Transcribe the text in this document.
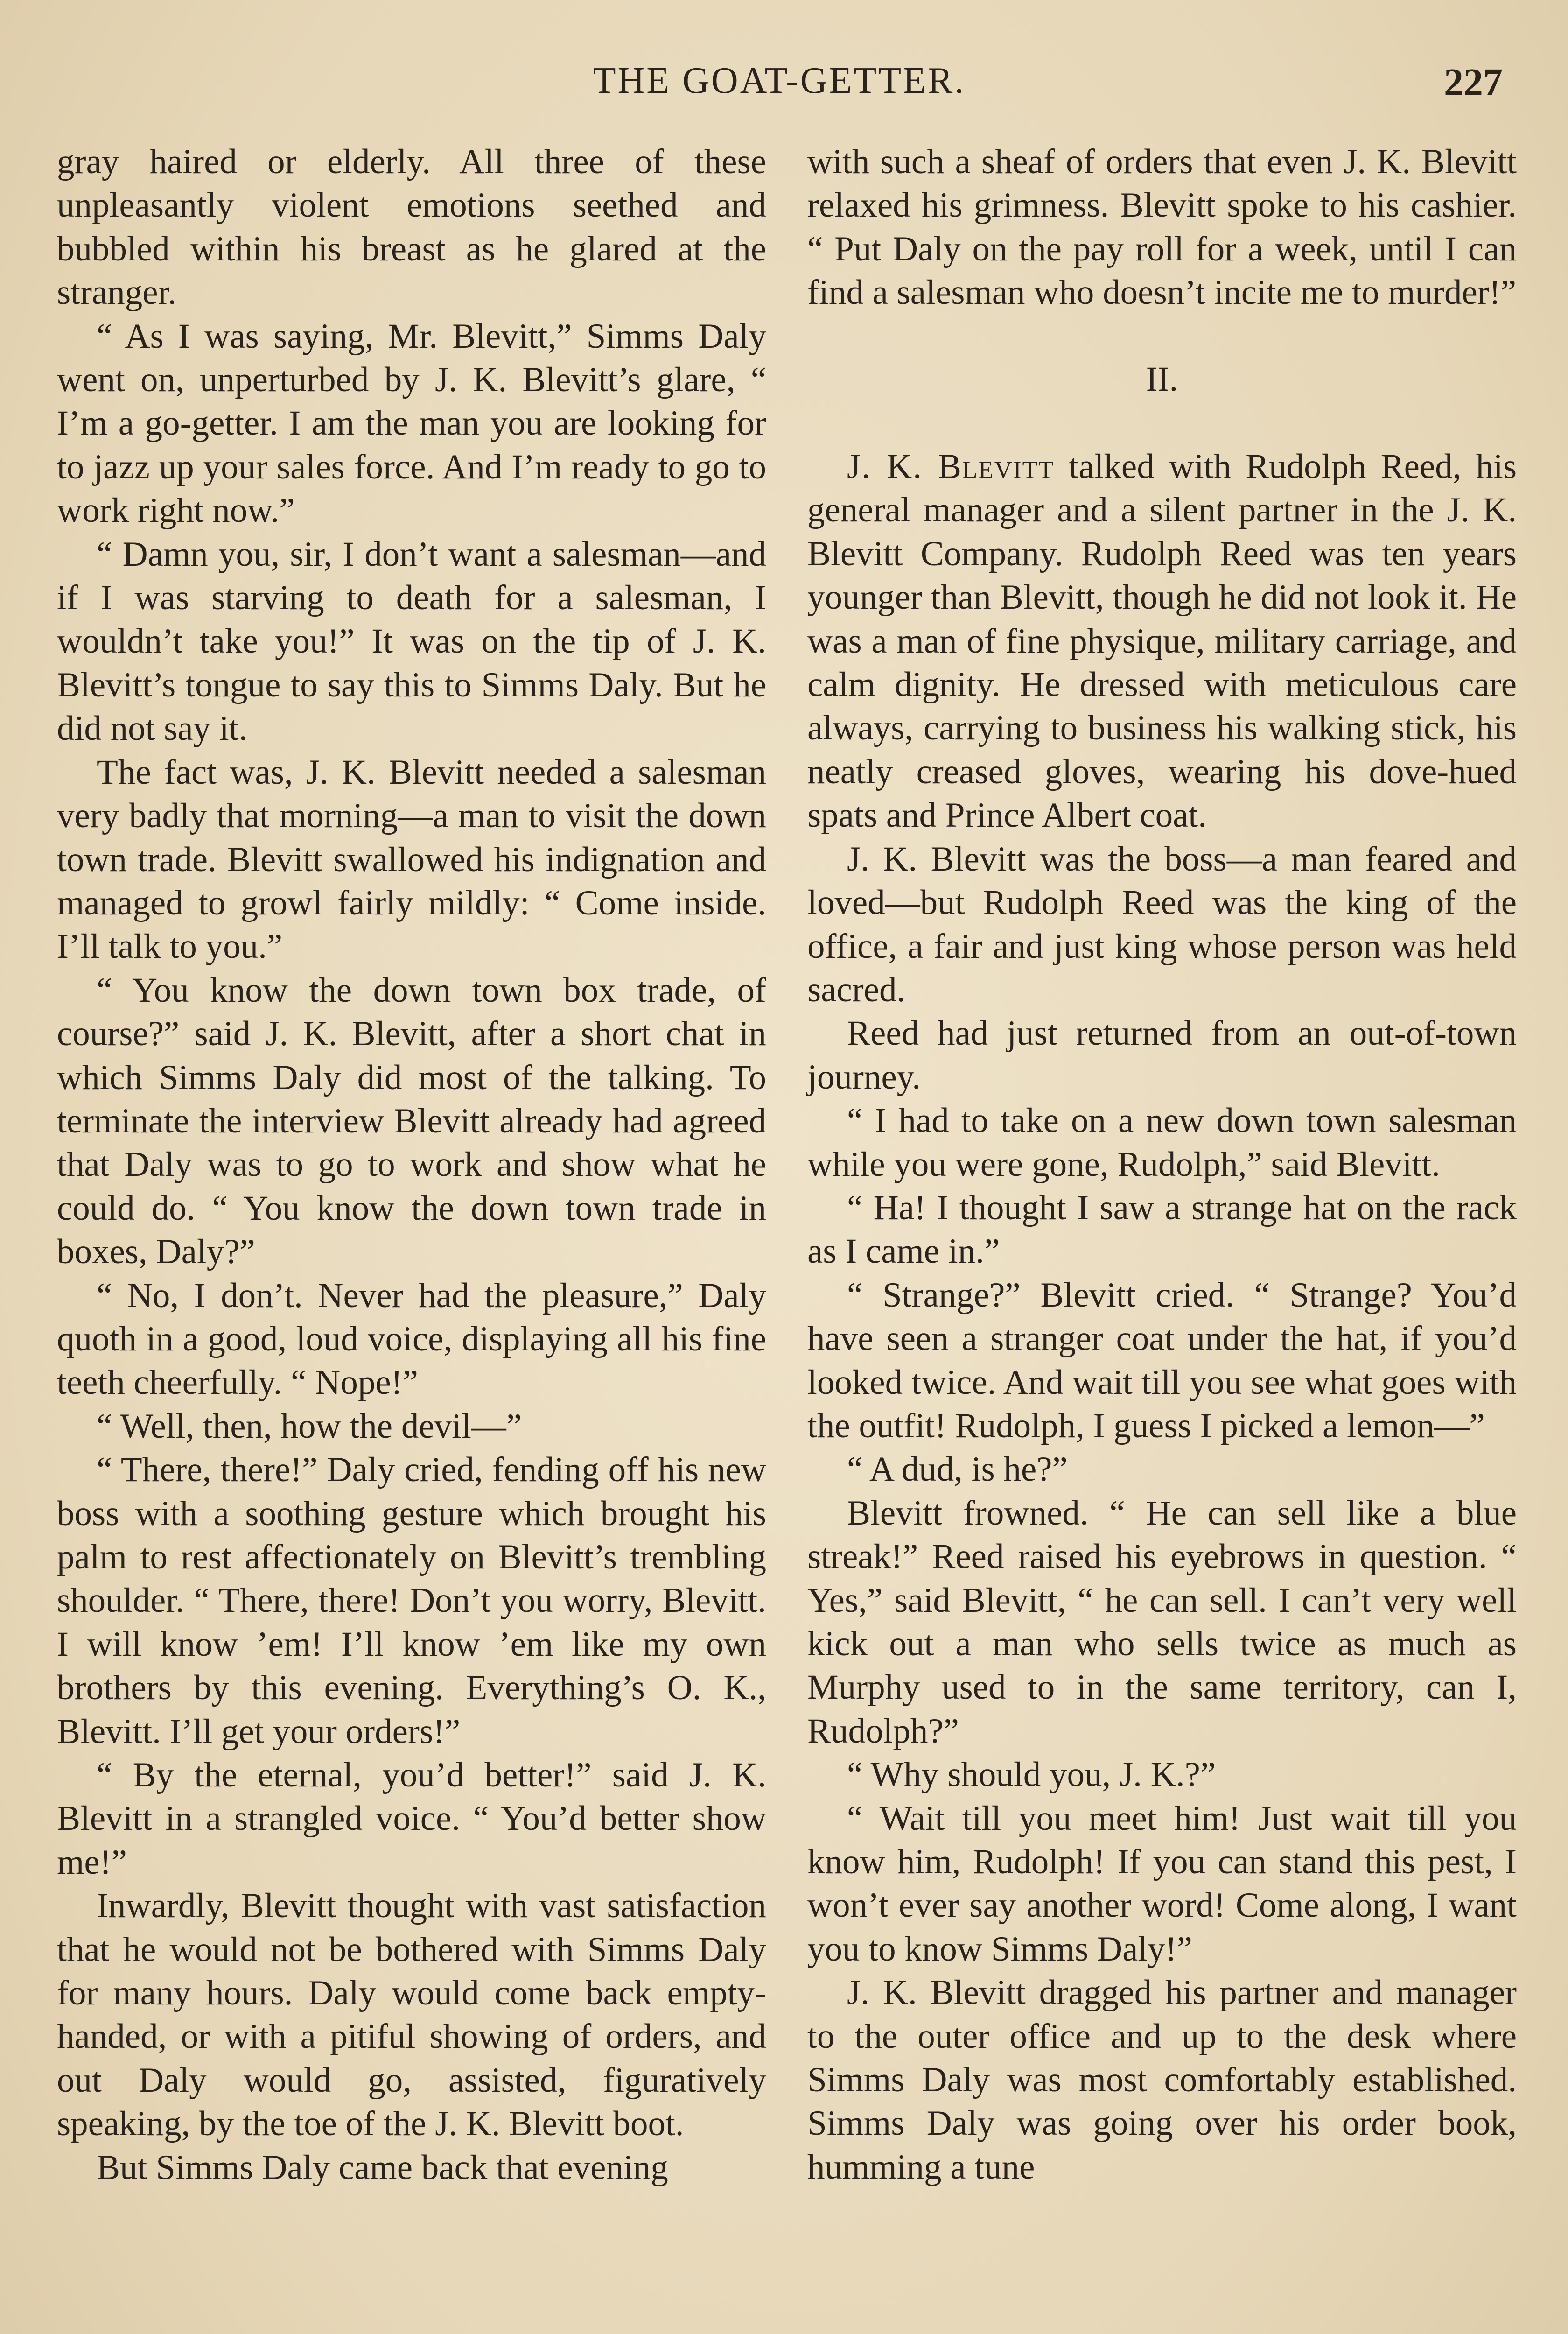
THE GOAT-GETTER.	227

gray haired or elderly. All three of these unpleasantly violent emotions seethed and bubbled within his breast as he glared at the stranger.

“ As I was saying, Mr. Blevitt,” Simms Daly went on, unperturbed by J. K. Blevitt’s glare, “ I’m a go-getter. I am the man you are looking for to jazz up your sales force. And I’m ready to go to work right now.”

“ Damn you, sir, I don’t want a salesman—and if I was starving to death for a salesman, I wouldn’t take you!” It was on the tip of J. K. Blevitt’s tongue to say this to Simms Daly. But he did not say it.

The fact was, J. K. Blevitt needed a salesman very badly that morning—a man to visit the down town trade. Blevitt swallowed his indignation and managed to growl fairly mildly: “ Come inside. I’ll talk to you.”

“ You know the down town box trade, of course?” said J. K. Blevitt, after a short chat in which Simms Daly did most of the talking. To terminate the interview Blevitt already had agreed that Daly was to go to work and show what he could do. “ You know the down town trade in boxes, Daly?”

“ No, I don’t. Never had the pleasure,” Daly quoth in a good, loud voice, displaying all his fine teeth cheerfully. “ Nope!”

“ Well, then, how the devil—”

“ There, there!” Daly cried, fending off his new boss with a soothing gesture which brought his palm to rest affectionately on Blevitt’s trembling shoulder. “ There, there! Don’t you worry, Blevitt. I will know ’em! I’ll know ’em like my own brothers by this evening. Everything’s O. K., Blevitt. I’ll get your orders!”

“ By the eternal, you’d better!” said J. K. Blevitt in a strangled voice. “ You’d better show me!”

Inwardly, Blevitt thought with vast satisfaction that he would not be bothered with Simms Daly for many hours. Daly would come back empty-handed, or with a pitiful showing of orders, and out Daly would go, assisted, figuratively speaking, by the toe of the J. K. Blevitt boot.

But Simms Daly came back that evening

with such a sheaf of orders that even J. K. Blevitt relaxed his grimness. Blevitt spoke to his cashier. “ Put Daly on the pay roll for a week, until I can find a salesman who doesn’t incite me to murder!”

II.

J. K. Blevitt talked with Rudolph Reed, his general manager and a silent partner in the J. K. Blevitt Company. Rudolph Reed was ten years younger than Blevitt, though he did not look it. He was a man of fine physique, military carriage, and calm dignity. He dressed with meticulous care always, carrying to business his walking stick, his neatly creased gloves, wearing his dove-hued spats and Prince Albert coat.

J. K. Blevitt was the boss—a man feared and loved—but Rudolph Reed was the king of the office, a fair and just king whose person was held sacred.

Reed had just returned from an out-of-town journey.

“ I had to take on a new down town salesman while you were gone, Rudolph,” said Blevitt.

“ Ha! I thought I saw a strange hat on the rack as I came in.”

“ Strange?” Blevitt cried. “ Strange? You’d have seen a stranger coat under the hat, if you’d looked twice. And wait till you see what goes with the outfit! Rudolph, I guess I picked a lemon—”

“ A dud, is he?”

Blevitt frowned. “ He can sell like a blue streak!” Reed raised his eyebrows in question. “ Yes,” said Blevitt, “ he can sell. I can’t very well kick out a man who sells twice as much as Murphy used to in the same territory, can I, Rudolph?”

“ Why should you, J. K.?”

“ Wait till you meet him! Just wait till you know him, Rudolph! If you can stand this pest, I won’t ever say another word! Come along, I want you to know Simms Daly!”

J. K. Blevitt dragged his partner and manager to the outer office and up to the desk where Simms Daly was most comfortably established. Simms Daly was going over his order book, humming a tune
